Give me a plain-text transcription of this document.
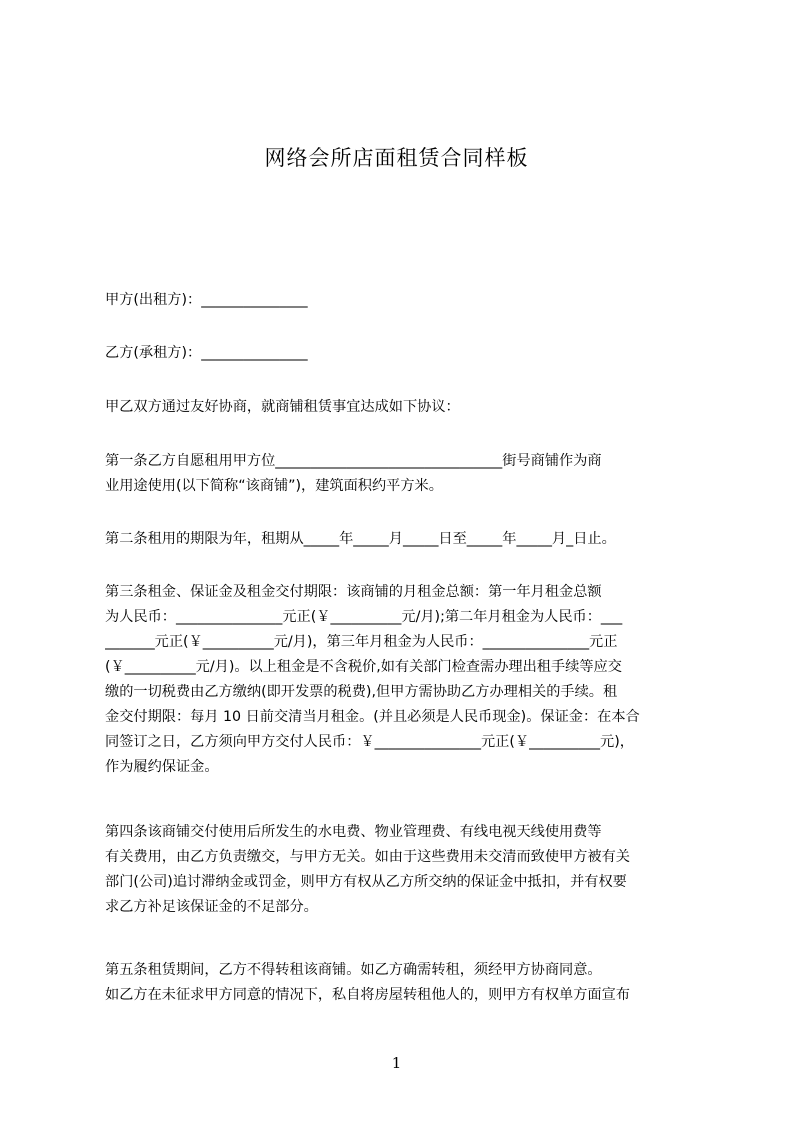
网络会所店面租赁合同样板
甲方(出租方)：_______________
乙方(承租方)：_______________
甲乙双方通过友好协商，就商铺租赁事宜达成如下协议：
第一条乙方自愿租用甲方位________________________________街号商铺作为商
业用途使用(以下简称“该商铺”)，建筑面积约平方米。
第二条租用的期限为年，租期从_____年_____月_____日至_____年_____月_日止。
第三条租金、保证金及租金交付期限：该商铺的月租金总额：第一年月租金总额
为人民币：_______________元正(￥__________元/月);第二年月租金为人民币：___
_______元正(￥__________元/月)，第三年月租金为人民币：_______________元正
(￥__________元/月)。以上租金是不含税价,如有关部门检查需办理出租手续等应交
缴的一切税费由乙方缴纳(即开发票的税费),但甲方需协助乙方办理相关的手续。租
金交付期限：每月 10 日前交清当月租金。(并且必须是人民币现金)。保证金：在本合
同签订之日，乙方须向甲方交付人民币：￥_______________元正(￥__________元)，
作为履约保证金。
第四条该商铺交付使用后所发生的水电费、物业管理费、有线电视天线使用费等
有关费用，由乙方负责缴交，与甲方无关。如由于这些费用未交清而致使甲方被有关
部门(公司)追讨滞纳金或罚金，则甲方有权从乙方所交纳的保证金中抵扣，并有权要
求乙方补足该保证金的不足部分。
第五条租赁期间，乙方不得转租该商铺。如乙方确需转租，须经甲方协商同意。
如乙方在未征求甲方同意的情况下，私自将房屋转租他人的，则甲方有权单方面宣布
1
